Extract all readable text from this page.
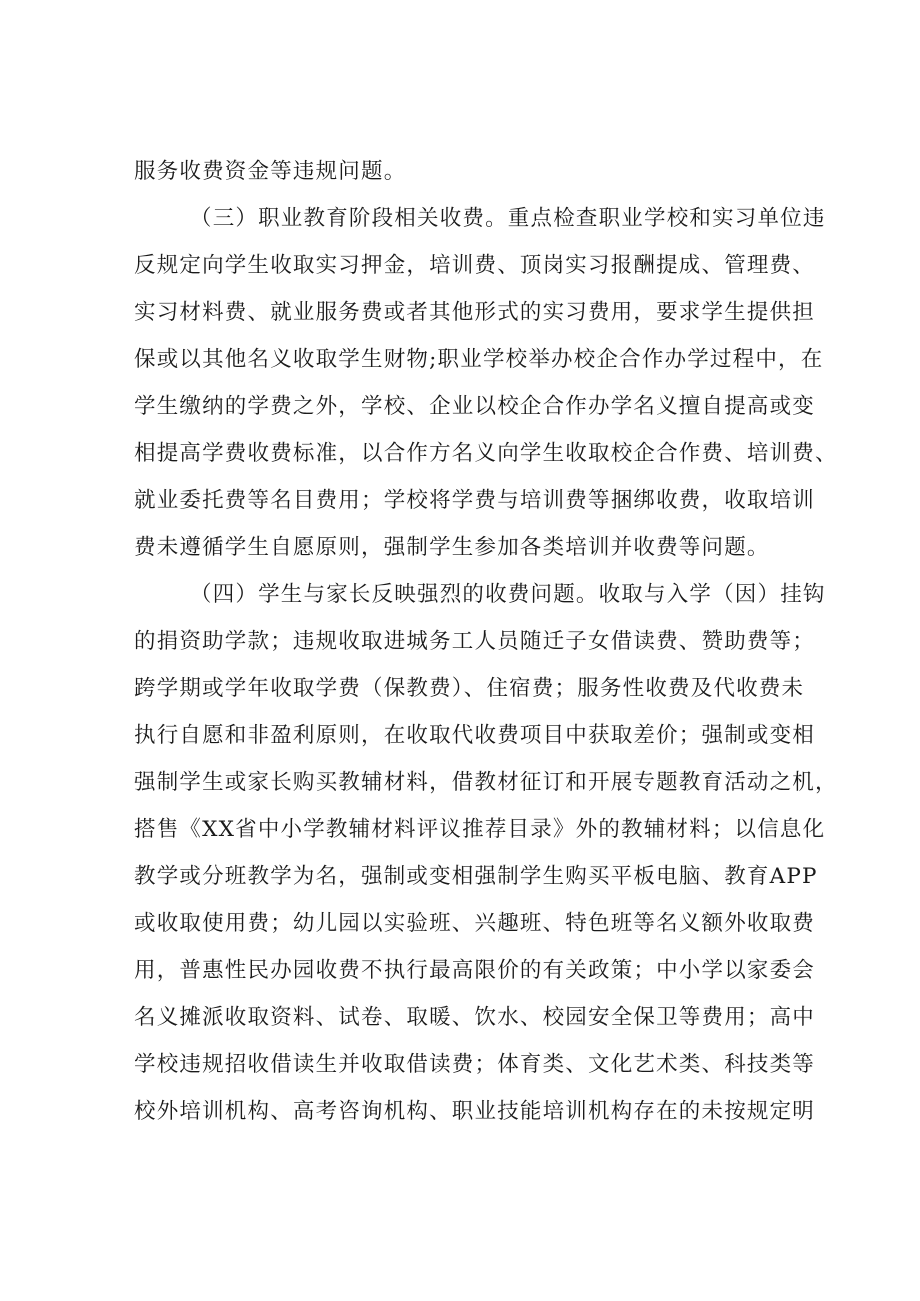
服务收费资金等违规问题。

（三）职业教育阶段相关收费。重点检查职业学校和实习单位违

反规定向学生收取实习押金，培训费、顶岗实习报酬提成、管理费、

实习材料费、就业服务费或者其他形式的实习费用，要求学生提供担

保或以其他名义收取学生财物;职业学校举办校企合作办学过程中，在

学生缴纳的学费之外，学校、企业以校企合作办学名义擅自提高或变

相提高学费收费标准，以合作方名义向学生收取校企合作费、培训费、

就业委托费等名目费用；学校将学费与培训费等捆绑收费，收取培训

费未遵循学生自愿原则，强制学生参加各类培训并收费等问题。

（四）学生与家长反映强烈的收费问题。收取与入学（因）挂钩

的捐资助学款；违规收取进城务工人员随迁子女借读费、赞助费等；

跨学期或学年收取学费（保教费）、住宿费；服务性收费及代收费未

执行自愿和非盈利原则，在收取代收费项目中获取差价；强制或变相

强制学生或家长购买教辅材料，借教材征订和开展专题教育活动之机，

搭售《XX省中小学教辅材料评议推荐目录》外的教辅材料；以信息化

教学或分班教学为名，强制或变相强制学生购买平板电脑、教育APP

或收取使用费；幼儿园以实验班、兴趣班、特色班等名义额外收取费

用，普惠性民办园收费不执行最高限价的有关政策；中小学以家委会

名义摊派收取资料、试卷、取暖、饮水、校园安全保卫等费用；高中

学校违规招收借读生并收取借读费；体育类、文化艺术类、科技类等

校外培训机构、高考咨询机构、职业技能培训机构存在的未按规定明
